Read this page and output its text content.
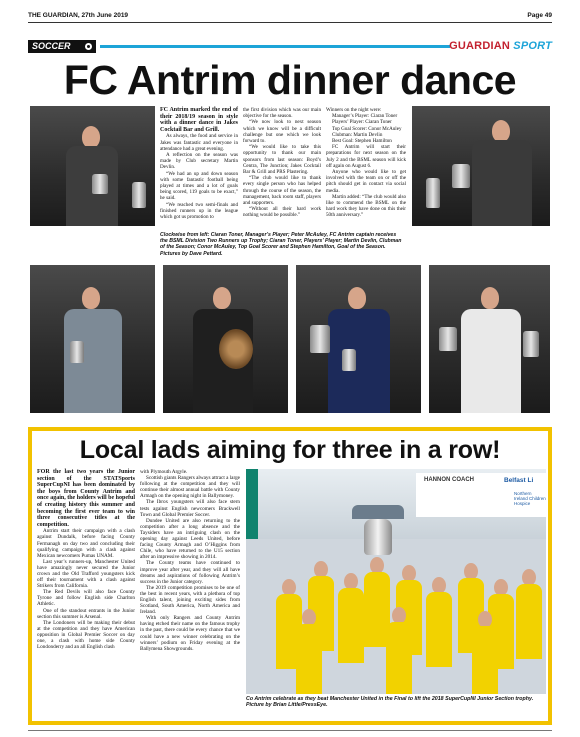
THE GUARDIAN, 27th June 2019	Page 49
SOCCER	GUARDIAN SPORT
FC Antrim dinner dance

FC Antrim marked the end of their 2018/19 season in style with a dinner dance in Jakes Cocktail Bar and Grill.

As always, the food and service in Jakes was fantastic and everyone in attendance had a great evening.

A reflection on the season was made by Club secretary Martin Devlin.

“We had an up and down season with some fantastic football being played at times and a lot of goals being scored, 119 goals to be exact,” he said.

“We reached two semi-finals and finished runners up in the league which got us promotion to

the first division which was our main objective for the season.

“We now look to next season which we know will be a difficult challenge but one which we look forward to.

“We would like to take this opportunity to thank our main sponsors from last season: Boyd’s Centra, The Junction; Jakes Cocktail Bar & Grill and PRS Plastering.

“The club would like to thank every single person who has helped through the course of the season, the management, back room staff, players and supporters.

“Without all their hard work nothing would be possible.”

Winners on the night were:

Manager’s Player: Ciaran Toner

Players’ Player: Ciaran Toner

Top Goal Scorer: Conor McAuley

Clubman: Martin Devlin

Best Goal: Stephen Hamilton

FC Antrim will start their preparations for next season on the July 2 and the BSML season will kick off again on August 6.

Anyone who would like to get involved with the team on or off the pitch should get in contact via social media.

Martin added: “The club would also like to commend the BSML on the hard work they have done on this their 50th anniversary.”

Clockwise from left: Ciaran Toner, Manager’s Player; Peter McAuley, FC Antrim captain receives the BSML Division Two Runners up Trophy; Ciaran Toner, Players’ Player; Martin Devlin, Clubman of the Season; Conor McAuley, Top Goal Scorer and Stephen Hamilton, Goal of the Season. Pictures by Dave Pettard.
Local lads aiming for three in a row!

FOR the last two years the Junior section of the STATSports SuperCupNI has been dominated by the boys from County Antrim and once again, the holders will be hopeful of creating history this summer and becoming the first ever team to win three consecutive titles at the competition.

Antrim start their campaign with a clash against Dundalk, before facing County Fermanagh on day two and concluding their qualifying campaign with a clash against Mexican newcomers Pumas UNAM.

Last year’s runners-up, Manchester United have amazingly never secured the Junior crown and the Old Trafford youngsters kick off their tournament with a clash against Strikers from California.

The Red Devils will also face County Tyrone and follow English side Charlton Athletic.

One of the standout entrants in the Junior section this summer is Arsenal.

The Londoners will be making their debut at the competition and they have American opposition in Global Premier Soccer on day one, a clash with home side County Londonderry and an all English clash

with Plymouth Argyle.

Scottish giants Rangers always attract a large following at the competition and they will continue their almost annual battle with County Armagh on the opening night in Ballymoney.

The Ibrox youngsters will also face stern tests against English newcomers Brackwell Town and Global Premier Soccer.

Dundee United are also returning to the competition after a long absence and the Taysiders have an intriguing clash on the opening day against Leeds United, before facing County Armagh and O’Higgins from Chile, who have returned to the U15 section after an impressive showing in 2014.

The County teams have continued to improve year after year, and they will all have dreams and aspirations of following Antrim’s success in the Junior category.

The 2019 competition promises to be one of the best in recent years, with a plethora of top English talent, joining exciting sides from Scotland, South America, North America and Ireland.

With only Rangers and County Antrim having etched their name on the famous trophy in the past, there could be every chance that we could have a new winner celebrating on the winners’ podium on Friday evening at the Ballymena Showgrounds.

HANNON COACH	Belfast Li
Northern Ireland Children Hospice
Co Antrim celebrate as they beat Manchester United in the Final to lift the 2018 SuperCupNI Junior Section trophy. Picture by Brian Little/PressEye.
